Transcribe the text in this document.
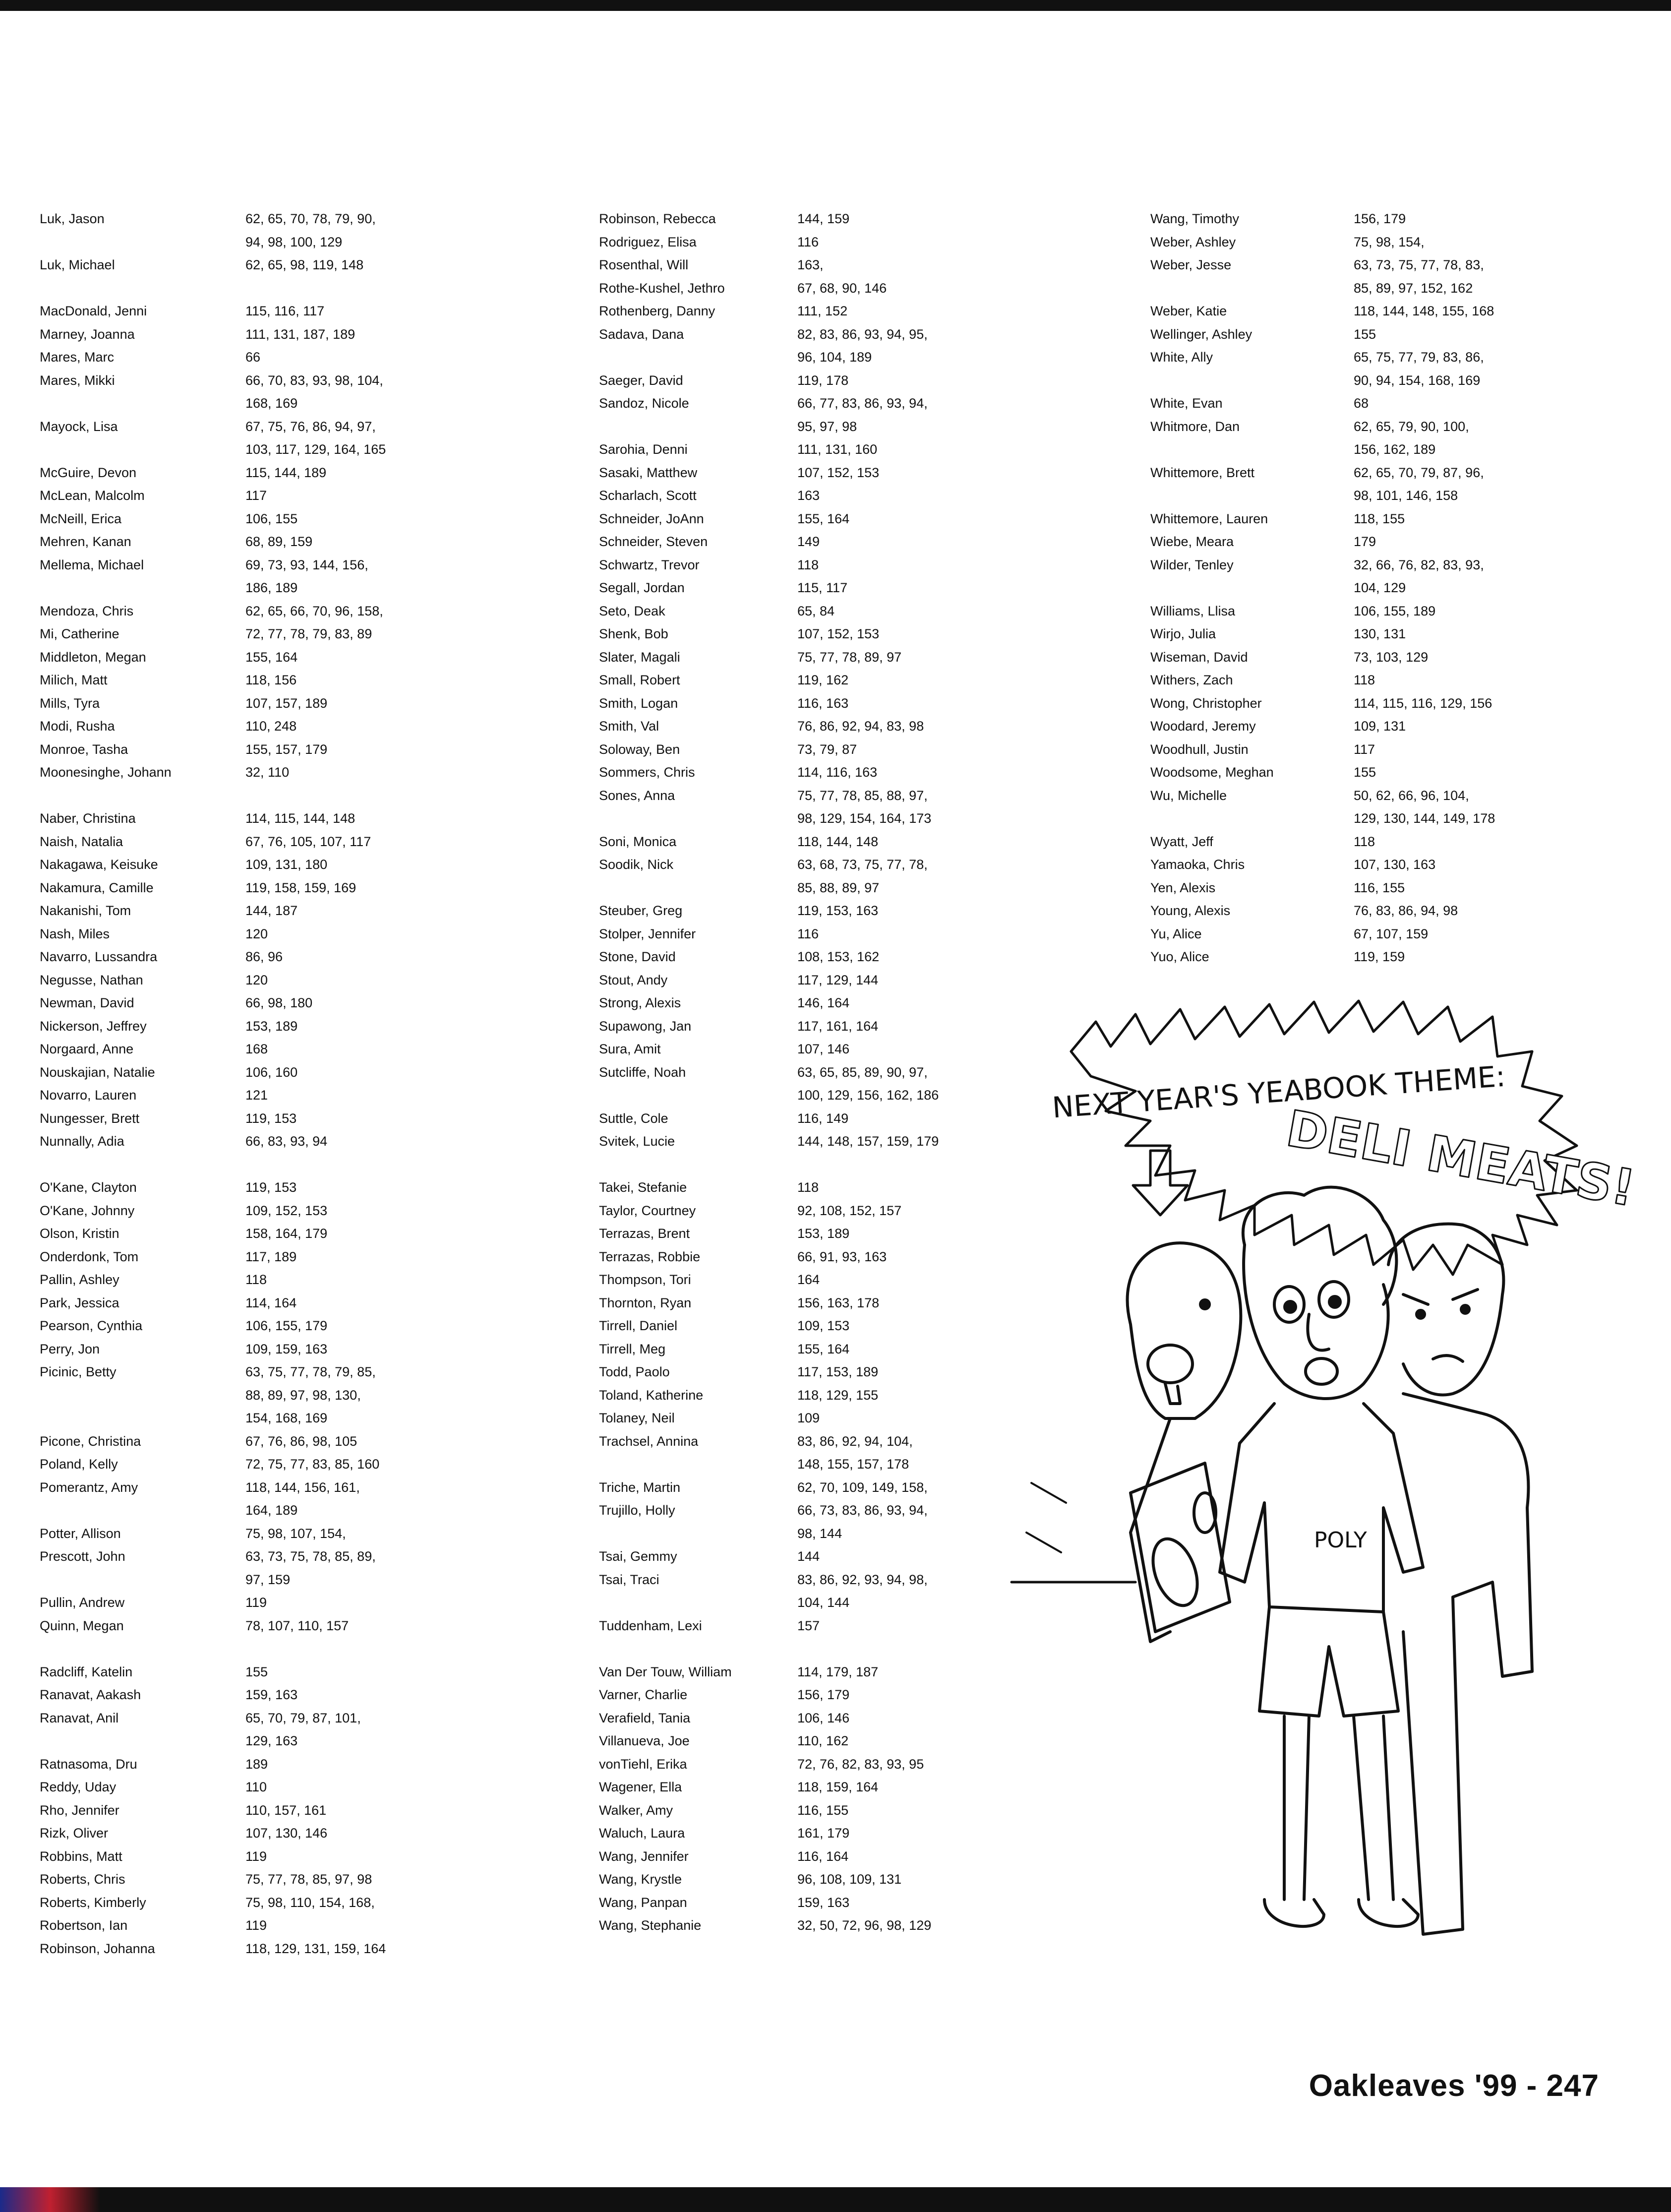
Luk, Jason	62, 65, 70, 78, 79, 90,
94, 98, 100, 129
Luk, Michael	62, 65, 98, 119, 148
MacDonald, Jenni	115, 116, 117
Marney, Joanna	111, 131, 187, 189
Mares, Marc	66
Mares, Mikki	66, 70, 83, 93, 98, 104,
168, 169
Mayock, Lisa	67, 75, 76, 86, 94, 97,
103, 117, 129, 164, 165
McGuire, Devon	115, 144, 189
McLean, Malcolm	117
McNeill, Erica	106, 155
Mehren, Kanan	68, 89, 159
Mellema, Michael	69, 73, 93, 144, 156,
186, 189
Mendoza, Chris	62, 65, 66, 70, 96, 158,
Mi, Catherine	72, 77, 78, 79, 83, 89
Middleton, Megan	155, 164
Milich, Matt	118, 156
Mills, Tyra	107, 157, 189
Modi, Rusha	110, 248
Monroe, Tasha	155, 157, 179
Moonesinghe, Johann	32, 110
Naber, Christina	114, 115, 144, 148
Naish, Natalia	67, 76, 105, 107, 117
Nakagawa, Keisuke	109, 131, 180
Nakamura, Camille	119, 158, 159, 169
Nakanishi, Tom	144, 187
Nash, Miles	120
Navarro, Lussandra	86, 96
Negusse, Nathan	120
Newman, David	66, 98, 180
Nickerson, Jeffrey	153, 189
Norgaard, Anne	168
Nouskajian, Natalie	106, 160
Novarro, Lauren	121
Nungesser, Brett	119, 153
Nunnally, Adia	66, 83, 93, 94
O'Kane, Clayton	119, 153
O'Kane, Johnny	109, 152, 153
Olson, Kristin	158, 164, 179
Onderdonk, Tom	117, 189
Pallin, Ashley	118
Park, Jessica	114, 164
Pearson, Cynthia	106, 155, 179
Perry, Jon	109, 159, 163
Picinic, Betty	63, 75, 77, 78, 79, 85,
88, 89, 97, 98, 130,
154, 168, 169
Picone, Christina	67, 76, 86, 98, 105
Poland, Kelly	72, 75, 77, 83, 85, 160
Pomerantz, Amy	118, 144, 156, 161,
164, 189
Potter, Allison	75, 98, 107, 154,
Prescott, John	63, 73, 75, 78, 85, 89,
97, 159
Pullin, Andrew	119
Quinn, Megan	78, 107, 110, 157
Radcliff, Katelin	155
Ranavat, Aakash	159, 163
Ranavat, Anil	65, 70, 79, 87, 101,
129, 163
Ratnasoma, Dru	189
Reddy, Uday	110
Rho, Jennifer	110, 157, 161
Rizk, Oliver	107, 130, 146
Robbins, Matt	119
Roberts, Chris	75, 77, 78, 85, 97, 98
Roberts, Kimberly	75, 98, 110, 154, 168,
Robertson, Ian	119
Robinson, Johanna	118, 129, 131, 159, 164
Robinson, Rebecca	144, 159
Rodriguez, Elisa	116
Rosenthal, Will	163,
Rothe-Kushel, Jethro	67, 68, 90, 146
Rothenberg, Danny	111, 152
Sadava, Dana	82, 83, 86, 93, 94, 95,
96, 104, 189
Saeger, David	119, 178
Sandoz, Nicole	66, 77, 83, 86, 93, 94,
95, 97, 98
Sarohia, Denni	111, 131, 160
Sasaki, Matthew	107, 152, 153
Scharlach, Scott	163
Schneider, JoAnn	155, 164
Schneider, Steven	149
Schwartz, Trevor	118
Segall, Jordan	115, 117
Seto, Deak	65, 84
Shenk, Bob	107, 152, 153
Slater, Magali	75, 77, 78, 89, 97
Small, Robert	119, 162
Smith, Logan	116, 163
Smith, Val	76, 86, 92, 94, 83, 98
Soloway, Ben	73, 79, 87
Sommers, Chris	114, 116, 163
Sones, Anna	75, 77, 78, 85, 88, 97,
98, 129, 154, 164, 173
Soni, Monica	118, 144, 148
Soodik, Nick	63, 68, 73, 75, 77, 78,
85, 88, 89, 97
Steuber, Greg	119, 153, 163
Stolper, Jennifer	116
Stone, David	108, 153, 162
Stout, Andy	117, 129, 144
Strong, Alexis	146, 164
Supawong, Jan	117, 161, 164
Sura, Amit	107, 146
Sutcliffe, Noah	63, 65, 85, 89, 90, 97,
100, 129, 156, 162, 186
Suttle, Cole	116, 149
Svitek, Lucie	144, 148, 157, 159, 179
Takei, Stefanie	118
Taylor, Courtney	92, 108, 152, 157
Terrazas, Brent	153, 189
Terrazas, Robbie	66, 91, 93, 163
Thompson, Tori	164
Thornton, Ryan	156, 163, 178
Tirrell, Daniel	109, 153
Tirrell, Meg	155, 164
Todd, Paolo	117, 153, 189
Toland, Katherine	118, 129, 155
Tolaney, Neil	109
Trachsel, Annina	83, 86, 92, 94, 104,
148, 155, 157, 178
Triche, Martin	62, 70, 109, 149, 158,
Trujillo, Holly	66, 73, 83, 86, 93, 94,
98, 144
Tsai, Gemmy	144
Tsai, Traci	83, 86, 92, 93, 94, 98,
104, 144
Tuddenham, Lexi	157
Van Der Touw, William	114, 179, 187
Varner, Charlie	156, 179
Verafield, Tania	106, 146
Villanueva, Joe	110, 162
vonTiehl, Erika	72, 76, 82, 83, 93, 95
Wagener, Ella	118, 159, 164
Walker, Amy	116, 155
Waluch, Laura	161, 179
Wang, Jennifer	116, 164
Wang, Krystle	96, 108, 109, 131
Wang, Panpan	159, 163
Wang, Stephanie	32, 50, 72, 96, 98, 129
Wang, Timothy	156, 179
Weber, Ashley	75, 98, 154,
Weber, Jesse	63, 73, 75, 77, 78, 83,
85, 89, 97, 152, 162
Weber, Katie	118, 144, 148, 155, 168
Wellinger, Ashley	155
White, Ally	65, 75, 77, 79, 83, 86,
90, 94, 154, 168, 169
White, Evan	68
Whitmore, Dan	62, 65, 79, 90, 100,
156, 162, 189
Whittemore, Brett	62, 65, 70, 79, 87, 96,
98, 101, 146, 158
Whittemore, Lauren	118, 155
Wiebe, Meara	179
Wilder, Tenley	32, 66, 76, 82, 83, 93,
104, 129
Williams, Llisa	106, 155, 189
Wirjo, Julia	130, 131
Wiseman, David	73, 103, 129
Withers, Zach	118
Wong, Christopher	114, 115, 116, 129, 156
Woodard, Jeremy	109, 131
Woodhull, Justin	117
Woodsome, Meghan	155
Wu, Michelle	50, 62, 66, 96, 104,
129, 130, 144, 149, 178
Wyatt, Jeff	118
Yamaoka, Chris	107, 130, 163
Yen, Alexis	116, 155
Young, Alexis	76, 83, 86, 94, 98
Yu, Alice	67, 107, 159
Yuo, Alice	119, 159
NEXT YEAR'S YEABOOK THEME:
DELI MEATS!
POLY
Oakleaves '99 - 247
